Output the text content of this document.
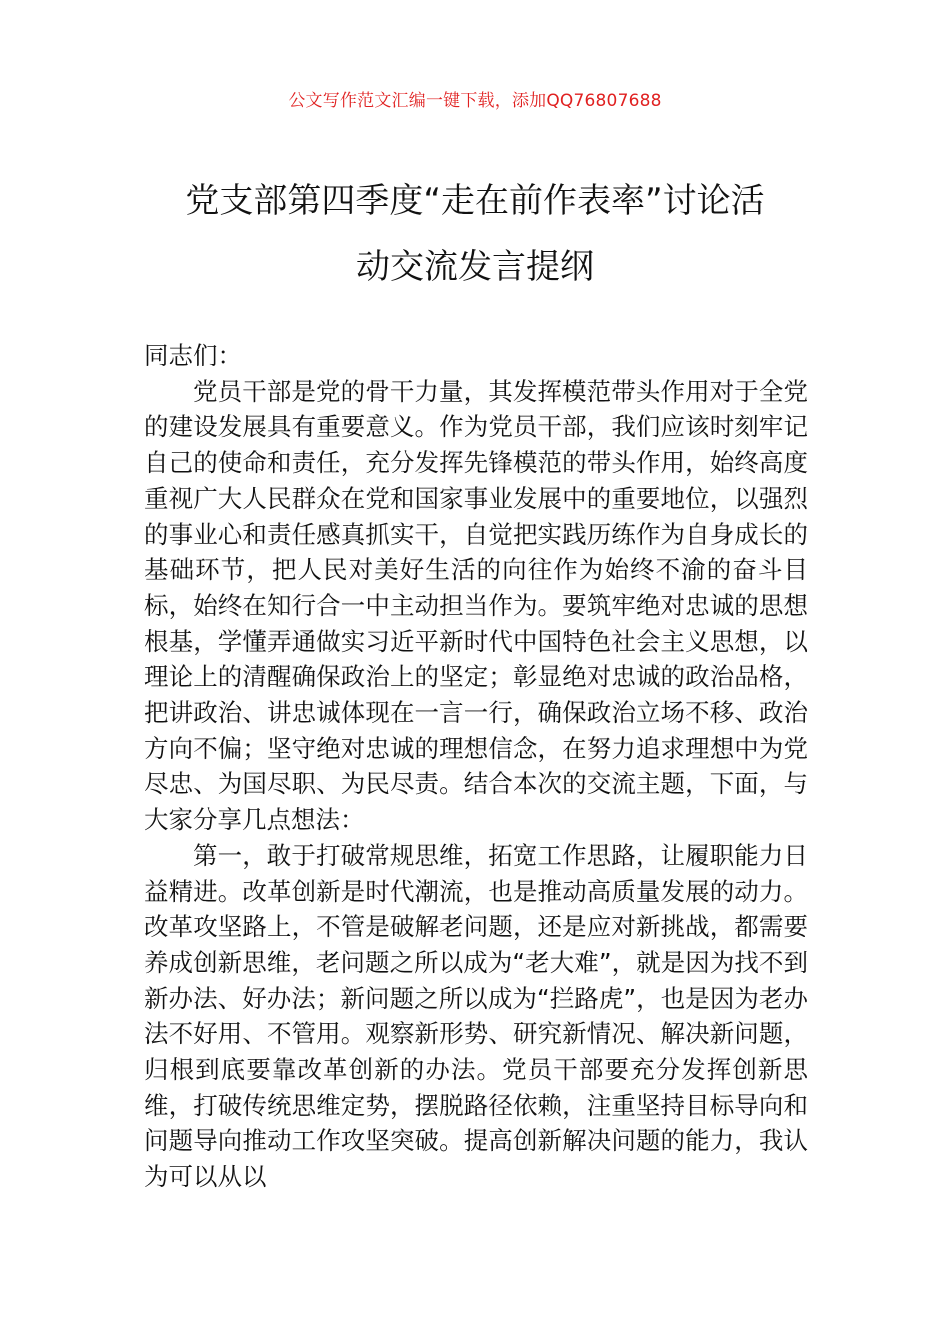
公文写作范文汇编一键下载，添加QQ76807688
党支部第四季度“走在前作表率”讨论活
动交流发言提纲

同志们：

党员干部是党的骨干力量，其发挥模范带头作用对于全党的建设发展具有重要意义。作为党员干部，我们应该时刻牢记自己的使命和责任，充分发挥先锋模范的带头作用，始终高度重视广大人民群众在党和国家事业发展中的重要地位，以强烈的事业心和责任感真抓实干，自觉把实践历练作为自身成长的基础环节，把人民对美好生活的向往作为始终不渝的奋斗目标，始终在知行合一中主动担当作为。要筑牢绝对忠诚的思想根基，学懂弄通做实习近平新时代中国特色社会主义思想，以理论上的清醒确保政治上的坚定；彰显绝对忠诚的政治品格，把讲政治、讲忠诚体现在一言一行，确保政治立场不移、政治方向不偏；坚守绝对忠诚的理想信念，在努力追求理想中为党尽忠、为国尽职、为民尽责。结合本次的交流主题，下面，与大家分享几点想法：

第一，敢于打破常规思维，拓宽工作思路，让履职能力日益精进。改革创新是时代潮流，也是推动高质量发展的动力。改革攻坚路上，不管是破解老问题，还是应对新挑战，都需要养成创新思维，老问题之所以成为“老大难”，就是因为找不到新办法、好办法；新问题之所以成为“拦路虎”，也是因为老办法不好用、不管用。观察新形势、研究新情况、解决新问题，归根到底要靠改革创新的办法。党员干部要充分发挥创新思维，打破传统思维定势，摆脱路径依赖，注重坚持目标导向和问题导向推动工作攻坚突破。提高创新解决问题的能力，我认为可以从以
